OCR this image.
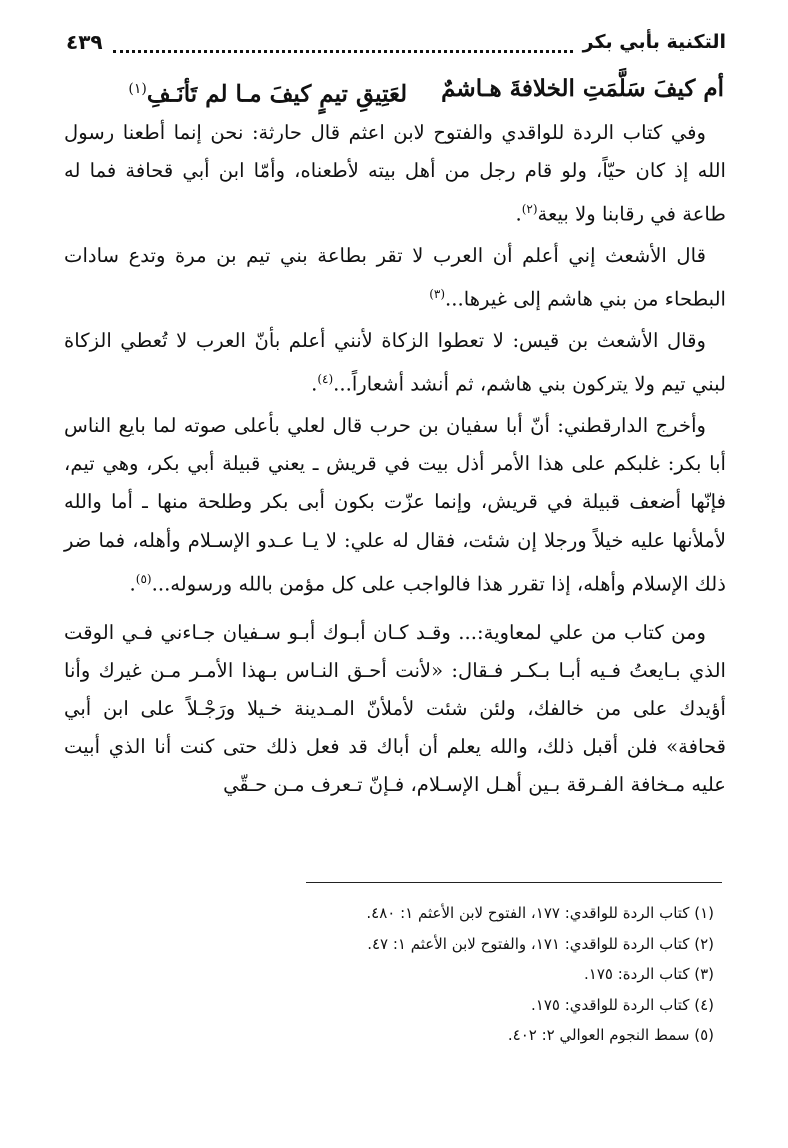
التكنية بأبي بكر
٤٣٩
أم كيفَ سَلَّمَتِ الخلافةَ هـاشمٌ
لعَتِيقِ تيمٍ كيفَ مـا لم تَأنَـفِ$^{(١)}$

وفي كتاب الردة للواقدي والفتوح لابن اعثم قال حارثة: نحن إنما أطعنا رسول الله إذ كان حيّاً، ولو قام رجل من أهل بيته لأطعناه، وأمّا ابن أبي قحافة فما له طاعة في رقابنا ولا بيعة$^{(٢)}$.

قال الأشعث إني أعلم أن العرب لا تقر بطاعة بني تيم بن مرة وتدع سادات البطحاء من بني هاشم إلى غيرها...$^{(٣)}$

وقال الأشعث بن قيس: لا تعطوا الزكاة لأنني أعلم بأنّ العرب لا تُعطي الزكاة لبني تيم ولا يتركون بني هاشم، ثم أنشد أشعاراً...$^{(٤)}$.

وأخرج الدارقطني: أنّ أبا سفيان بن حرب قال لعلي بأعلى صوته لما بايع الناس أبا بكر: غلبكم على هذا الأمر أذل بيت في قريش ـ يعني قبيلة أبي بكر، وهي تيم، فإنّها أضعف قبيلة في قريش، وإنما عزّت بكون أبى بكر وطلحة منها ـ أما والله لأملأنها عليه خيلاً ورجلا إن شئت، فقال له علي: لا يـا عـدو الإسـلام وأهله، فما ضر ذلك الإسلام وأهله، إذا تقرر هذا فالواجب على كل مؤمن بالله ورسوله...$^{(٥)}$.

ومن كتاب من علي لمعاوية:... وقـد كـان أبـوك أبـو سـفيان جـاءني فـي الوقت الذي بـايعتُ فـيه أبـا بـكـر فـقال: «لأنت أحـق النـاس بـهذا الأمـر مـن غيرك وأنا أؤيدك على من خالفك، ولئن شئت لأملأنّ المـدينة خـيلا ورَجْـلاً على ابن أبي قحافة» فلن أقبل ذلك، والله يعلم أن أباك قد فعل ذلك حتى كنت أنا الذي أبيت عليه مـخافة الفـرقة بـين أهـل الإسـلام، فـإنّ تـعرف مـن حـقّي

(١) كتاب الردة للواقدي: ١٧٧، الفتوح لابن الأعثم ١: ٤٨٠.
(٢) كتاب الردة للواقدي: ١٧١، والفتوح لابن الأعثم ١: ٤٧.
(٣) كتاب الردة: ١٧٥.
(٤) كتاب الردة للواقدي: ١٧٥.
(٥) سمط النجوم العوالي ٢: ٤٠٢.
